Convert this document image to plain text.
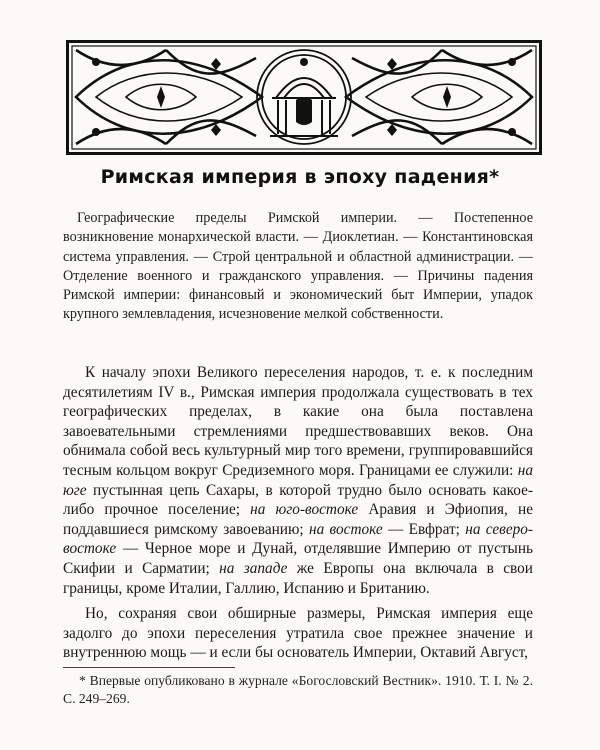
Римская империя в эпоху падения*
Географические пределы Римской империи. — Постепенное возникновение монархической власти. — Диоклетиан. — Константиновская система управления. — Строй центральной и областной администрации. — Отделение военного и гражданского управления. — Причины падения Римской империи: финансовый и экономический быт Империи, упадок крупного землевладения, исчезновение мелкой собственности.

К началу эпохи Великого переселения народов, т. е. к последним десятилетиям IV в., Римская империя продолжала существовать в тех географических пределах, в какие она была поставлена завоевательными стремлениями предшествовавших веков. Она обнимала собой весь культурный мир того времени, группировавшийся тесным кольцом вокруг Средиземного моря. Границами ее служили: на юге пустынная цепь Сахары, в которой трудно было основать какое-либо прочное поселение; на юго-востоке Аравия и Эфиопия, не поддавшиеся римскому завоеванию; на востоке — Евфрат; на северо-востоке — Черное море и Дунай, отделявшие Империю от пустынь Скифии и Сарматии; на западе же Европы она включала в свои границы, кроме Италии, Галлию, Испанию и Британию.

Но, сохраняя свои обширные размеры, Римская империя еще задолго до эпохи переселения утратила свое прежнее значение и внутреннюю мощь — и если бы основатель Империи, Октавий Август,

* Впервые опубликовано в журнале «Богословский Вестник». 1910. Т. I. № 2. С. 249–269.
